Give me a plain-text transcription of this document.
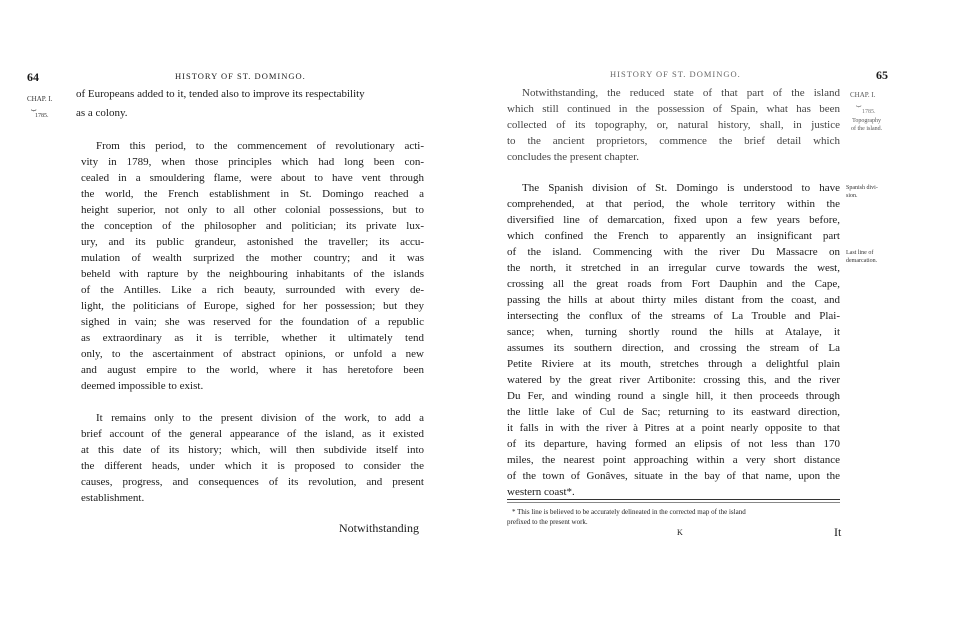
64	HISTORY OF ST. DOMINGO.
CHAP. I.
⏟
1785.
of Europeans added to it, tended also to improve its respectability
as a colony.
From this period, to the commencement of revolutionary acti-
vity in 1789, when those principles which had long been con-
cealed in a smouldering flame, were about to have vent through
the world, the French establishment in St. Domingo reached a
height superior, not only to all other colonial possessions, but to
the conception of the philosopher and politician; its private lux-
ury, and its public grandeur, astonished the traveller; its accu-
mulation of wealth surprized the mother country; and it was
beheld with rapture by the neighbouring inhabitants of the islands
of the Antilles. Like a rich beauty, surrounded with every de-
light, the politicians of Europe, sighed for her possession; but they
sighed in vain; she was reserved for the foundation of a republic
as extraordinary as it is terrible, whether it ultimately tend
only, to the ascertainment of abstract opinions, or unfold a new
and august empire to the world, where it has heretofore been
deemed impossible to exist.
It remains only to the present division of the work, to add a
brief account of the general appearance of the island, as it existed
at this date of its history; which, will then subdivide itself into
the different heads, under which it is proposed to consider the
causes, progress, and consequences of its revolution, and present
establishment.
Notwithstanding
HISTORY OF ST. DOMINGO.	65
CHAP. I.
⏟
1785.
Topography
of the island.
Spanish divi-
sion.
Last line of
demarcation.
Notwithstanding, the reduced state of that part of the island
which still continued in the possession of Spain, what has been
collected of its topography, or, natural history, shall, in justice
to the ancient proprietors, commence the brief detail which
concludes the present chapter.
The Spanish division of St. Domingo is understood to have
comprehended, at that period, the whole territory within the
diversified line of demarcation, fixed upon a few years before,
which confined the French to apparently an insignificant part
of the island. Commencing with the river Du Massacre on
the north, it stretched in an irregular curve towards the west,
crossing all the great roads from Fort Dauphin and the Cape,
passing the hills at about thirty miles distant from the coast, and
intersecting the conflux of the streams of La Trouble and Plai-
sance; when, turning shortly round the hills at Atalaye, it
assumes its southern direction, and crossing the stream of La
Petite Riviere at its mouth, stretches through a delightful plain
watered by the great river Artibonite: crossing this, and the river
Du Fer, and winding round a single hill, it then proceeds through
the little lake of Cul de Sac; returning to its eastward direction,
it falls in with the river à Pitres at a point nearly opposite to that
of its departure, having formed an elipsis of not less than 170
miles, the nearest point approaching within a very short distance
of the town of Gonâves, situate in the bay of that name, upon the
western coast*.
* This line is believed to be accurately delineated in the corrected map of the island
prefixed to the present work.
K	It
